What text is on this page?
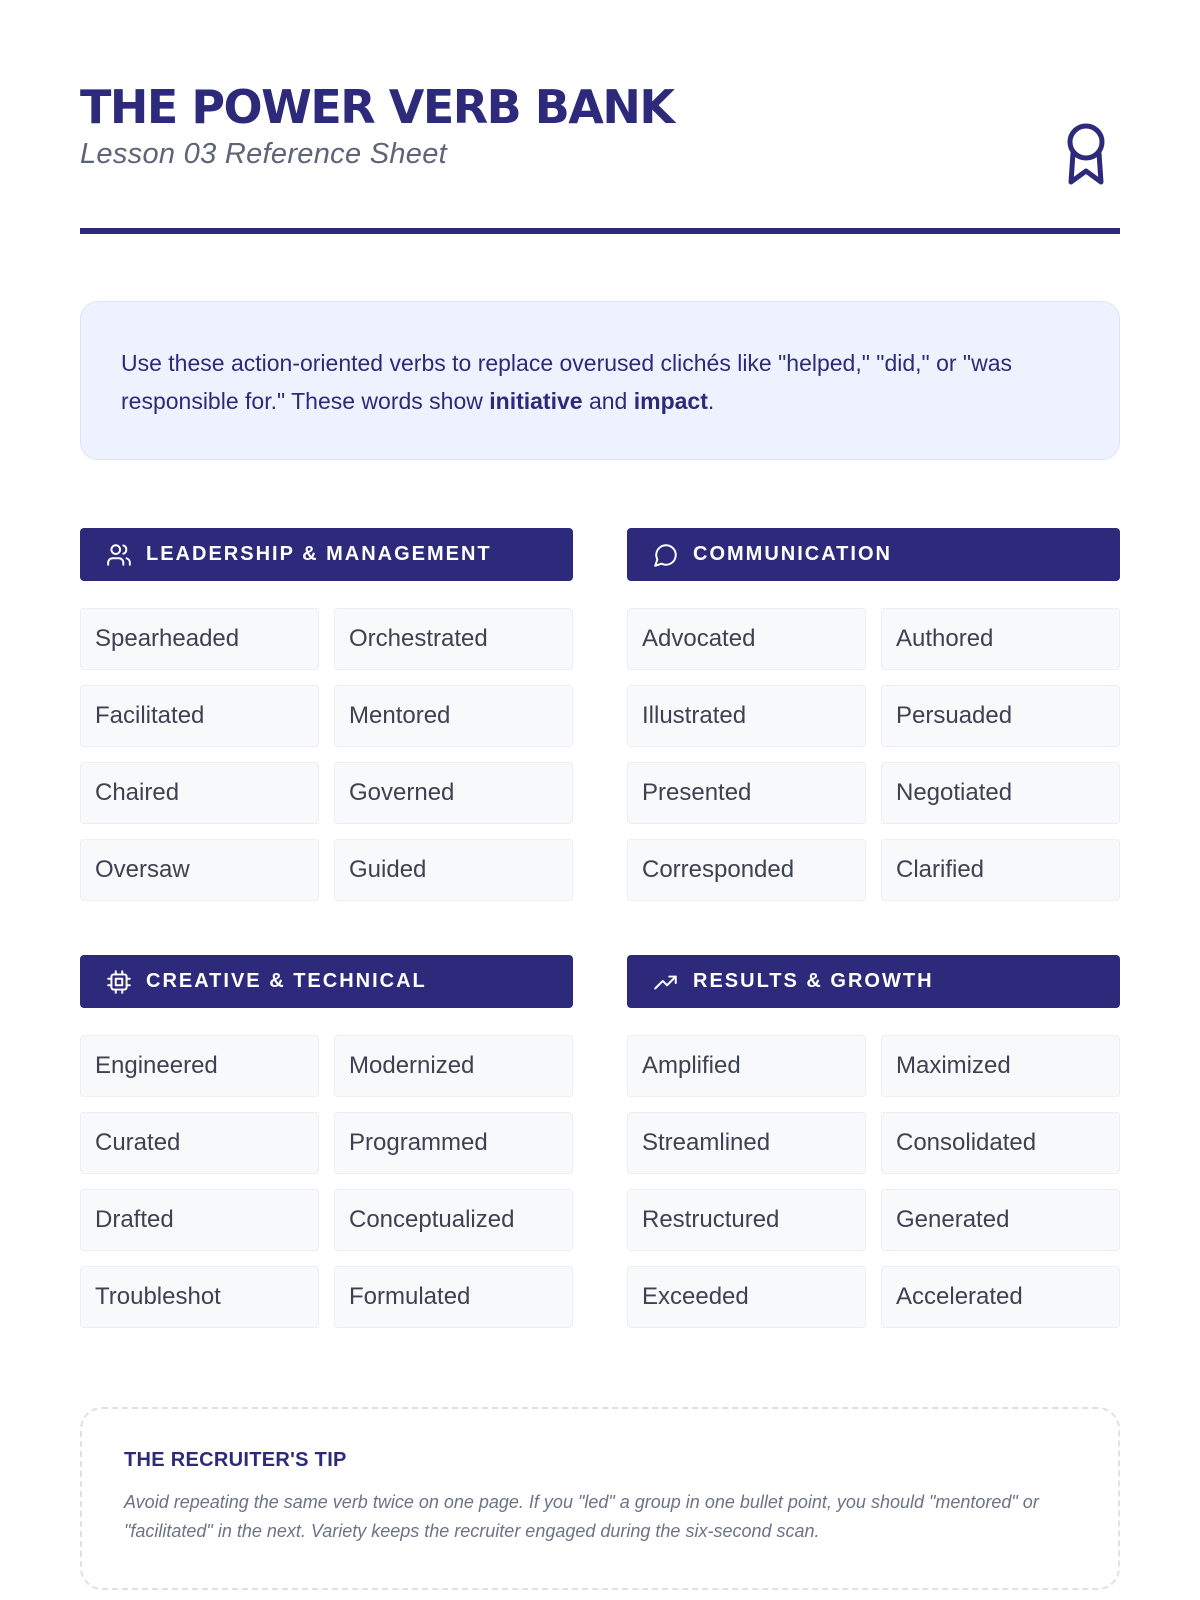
THE POWER VERB BANK
Lesson 03 Reference Sheet
Use these action-oriented verbs to replace overused clichés like "helped," "did," or "was responsible for." These words show initiative and impact.
LEADERSHIP & MANAGEMENT
Spearheaded	Orchestrated
Facilitated	Mentored
Chaired	Governed
Oversaw	Guided
COMMUNICATION
Advocated	Authored
Illustrated	Persuaded
Presented	Negotiated
Corresponded	Clarified
CREATIVE & TECHNICAL
Engineered	Modernized
Curated	Programmed
Drafted	Conceptualized
Troubleshot	Formulated
RESULTS & GROWTH
Amplified	Maximized
Streamlined	Consolidated
Restructured	Generated
Exceeded	Accelerated
THE RECRUITER'S TIP
Avoid repeating the same verb twice on one page. If you "led" a group in one bullet point, you should "mentored" or "facilitated" in the next. Variety keeps the recruiter engaged during the six-second scan.
